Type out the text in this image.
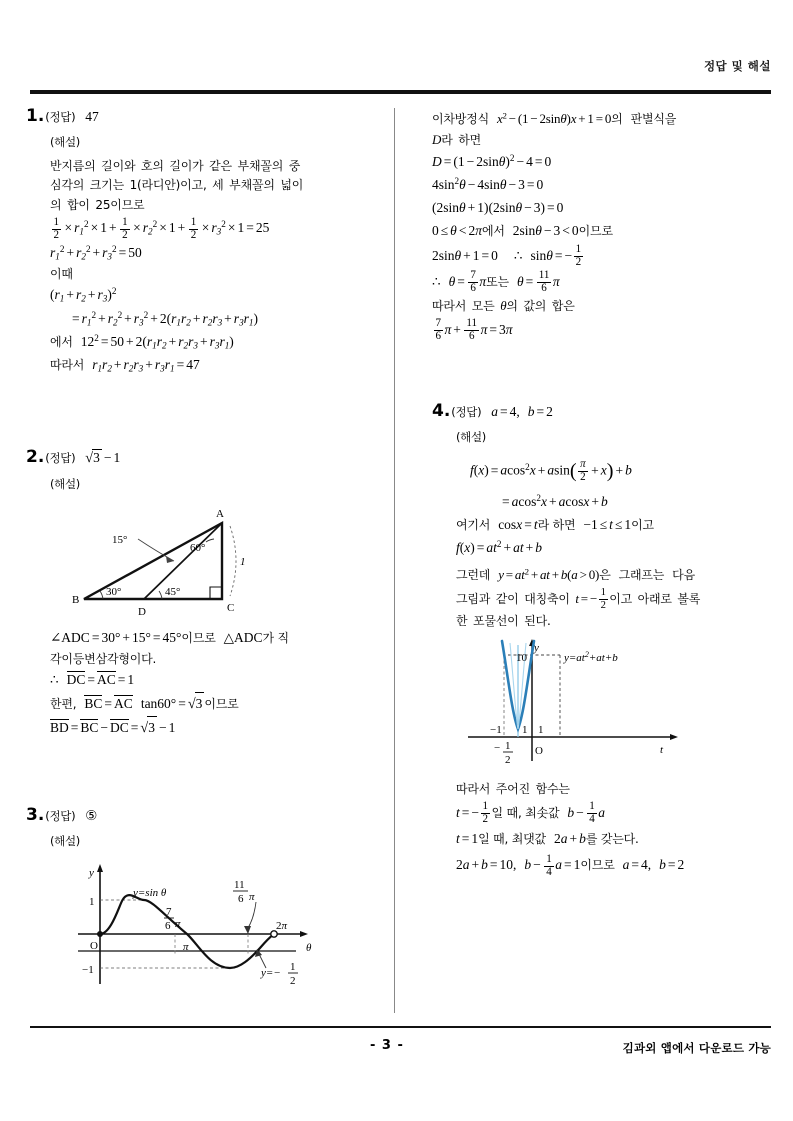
정답 및 해설
1. (정답) 47
(해설)
반지름의 길이와 호의 길이가 같은 부채꼴의 중
심각의 크기는 1(라디안)이고, 세 부채꼴의 넓이
의 합이 25이므로
$\frac{1}{2} \times r_1^2 \times 1 + \frac{1}{2} \times r_2^2 \times 1 + \frac{1}{2} \times r_3^2 \times 1 = 25$
$r_1^2 + r_2^2 + r_3^2 = 50$
이때
$(r_1 + r_2 + r_3)^2$
= $r_1^2 + r_2^2 + r_3^2 + 2(r_1r_2 + r_2r_3 + r_3r_1)$
에서 $12^2 = 50 + 2(r_1r_2 + r_2r_3 + r_3r_1)$
따라서 $r_1r_2 + r_2r_3 + r_3r_1 = 47$
2. (정답) √3 − 1
(해설)
A
B
C
D
15°
60°
30°	45°
1
∠ADC = 30° + 15° = 45°이므로 △ADC가 직
각이등변삼각형이다.
∴ DC = AC = 1
한편, BC = AC tan60° = √3 이므로
BD = BC − DC = √3 − 1
3. (정답) ⑤
(해설)
y
θ
1
−1
O	π
2π
y=sin θ
7
6 π
11
6 π
y=− 1
2
이차방정식 $x^2 - (1 - 2\sin\theta)x + 1 = 0$의 판별식을
D라 하면
$D = (1 - 2\sin\theta)^2 - 4 = 0$
$4\sin^2\theta - 4\sin\theta - 3 = 0$
(2sinθ + 1)(2sinθ − 3) = 0
0 ≤ θ < 2π에서 2sinθ − 3 < 0이므로
2sinθ + 1 = 0 ∴ sinθ = − $\frac{1}{2}$
∴ $\theta = \frac{7}{6}$ π또는 $\theta = \frac{11}{6}$ π
따라서 모든 θ의 값의 합은
$\frac{7}{6}$ $\pi + \frac{11}{6}$ π = 3π
4. (정답) a = 4, b = 2
(해설)
$f(x) = acos^2x + asin( \frac{\pi}{2} + x) + b$
= acos$^2$x + acosx + b
여기서 cosx = t라 하면 −1 ≤ t ≤ 1이고
$f(x) = at^2$ + at + b
그런데 $y = at^2$ + at + b(a > 0)은 그래프는 다음
그림과 같이 대칭축이 t = − $\frac{1}{2}$ 이고 아래로 볼록
한 포물선이 된다.
−1 1 1
10
O	t
y
− 1
2
$y=at^2+at+b$
따라서 주어진 함수는
t = − $\frac{1}{2}$ 일 때, 최솟값 $b - \frac{1}{4}$ a
t = 1일 때, 최댓값 2a + b를 갖는다.
2a + b = 10, $b - \frac{1}{4}$ a = 1이므로 a = 4, b = 2
- 3 -	김과외 앱에서 다운로드 가능
